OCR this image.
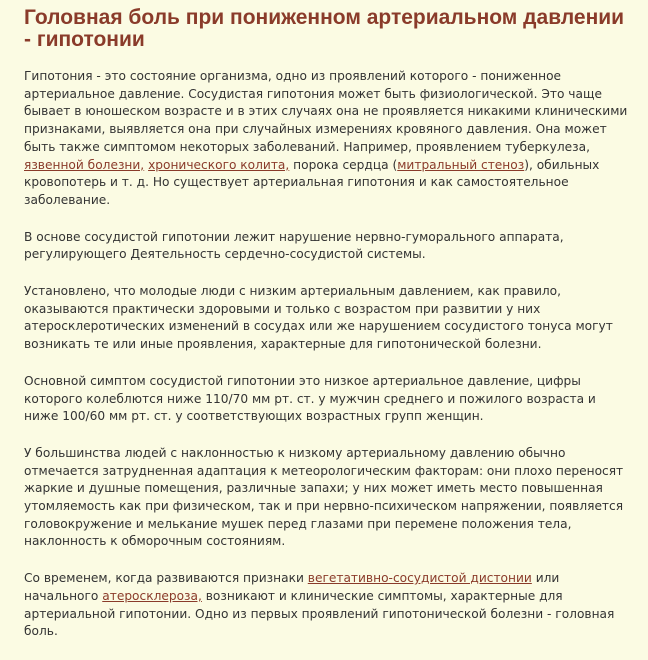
Головная боль при пониженном артериальном давлении - гипотонии

Гипотония - это состояние организма, одно из проявлений которого - пониженное артериальное давление. Сосудистая гипотония может быть физиологической. Это чаще бывает в юношеском возрасте и в этих случаях она не проявляется никакими клиническими признаками, выявляется она при случайных измерениях кровяного давления. Она может быть также симптомом некоторых заболеваний. Например, проявлением туберкулеза, язвенной болезни, хронического колита, порока сердца (митральный стеноз), обильных кровопотерь и т. д. Но существует артериальная гипотония и как самостоятельное заболевание.

В основе сосудистой гипотонии лежит нарушение нервно-гуморального аппарата, регулирующего Деятельность сердечно-сосудистой системы.

Установлено, что молодые люди с низким артериальным давлением, как правило, оказываются практически здоровыми и только с возрастом при развитии у них атеросклеротических изменений в сосудах или же нарушением сосудистого тонуса могут возникать те или иные проявления, характерные для гипотонической болезни.

Основной симптом сосудистой гипотонии это низкое артериальное давление, цифры которого колеблются ниже 110/70 мм рт. ст. у мужчин среднего и пожилого возраста и ниже 100/60 мм рт. ст. у соответствующих возрастных групп женщин.

У большинства людей с наклонностью к низкому артериальному давлению обычно отмечается затрудненная адаптация к метеорологическим факторам: они плохо переносят жаркие и душные помещения, различные запахи; у них может иметь место повышенная утомляемость как при физическом, так и при нервно-психическом напряжении, появляется головокружение и мелькание мушек перед глазами при перемене положения тела, наклонность к обморочным состояниям.

Со временем, когда развиваются признаки вегетативно-сосудистой дистонии или начального атеросклероза, возникают и клинические симптомы, характерные для артериальной гипотонии. Одно из первых проявлений гипотонической болезни - головная боль.
